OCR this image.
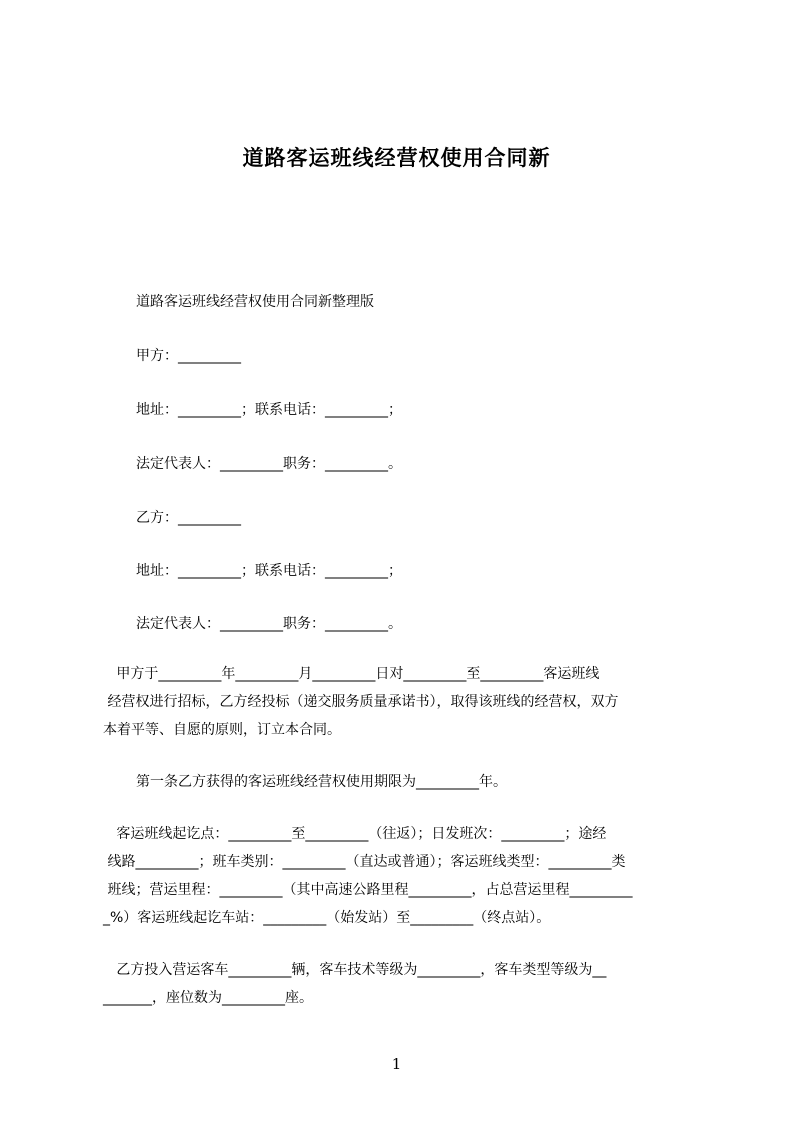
道路客运班线经营权使用合同新
道路客运班线经营权使用合同新整理版
甲方：_________
地址：_________；联系电话：_________；
法定代表人：_________职务：_________。
乙方：_________
地址：_________；联系电话：_________；
法定代表人：_________职务：_________。
甲方于_________年_________月_________日对_________至_________客运班线
经营权进行招标，乙方经投标（递交服务质量承诺书），取得该班线的经营权，双方
本着平等、自愿的原则，订立本合同。
第一条乙方获得的客运班线经营权使用期限为_________年。
客运班线起讫点：_________至_________（往返）；日发班次：_________；途经
线路_________；班车类别：_________（直达或普通）；客运班线类型：_________类
班线；营运里程：_________（其中高速公路里程_________，占总营运里程_________
_%）客运班线起讫车站：_________（始发站）至_________（终点站）。
乙方投入营运客车_________辆，客车技术等级为_________，客车类型等级为__
_______，座位数为_________座。
1
